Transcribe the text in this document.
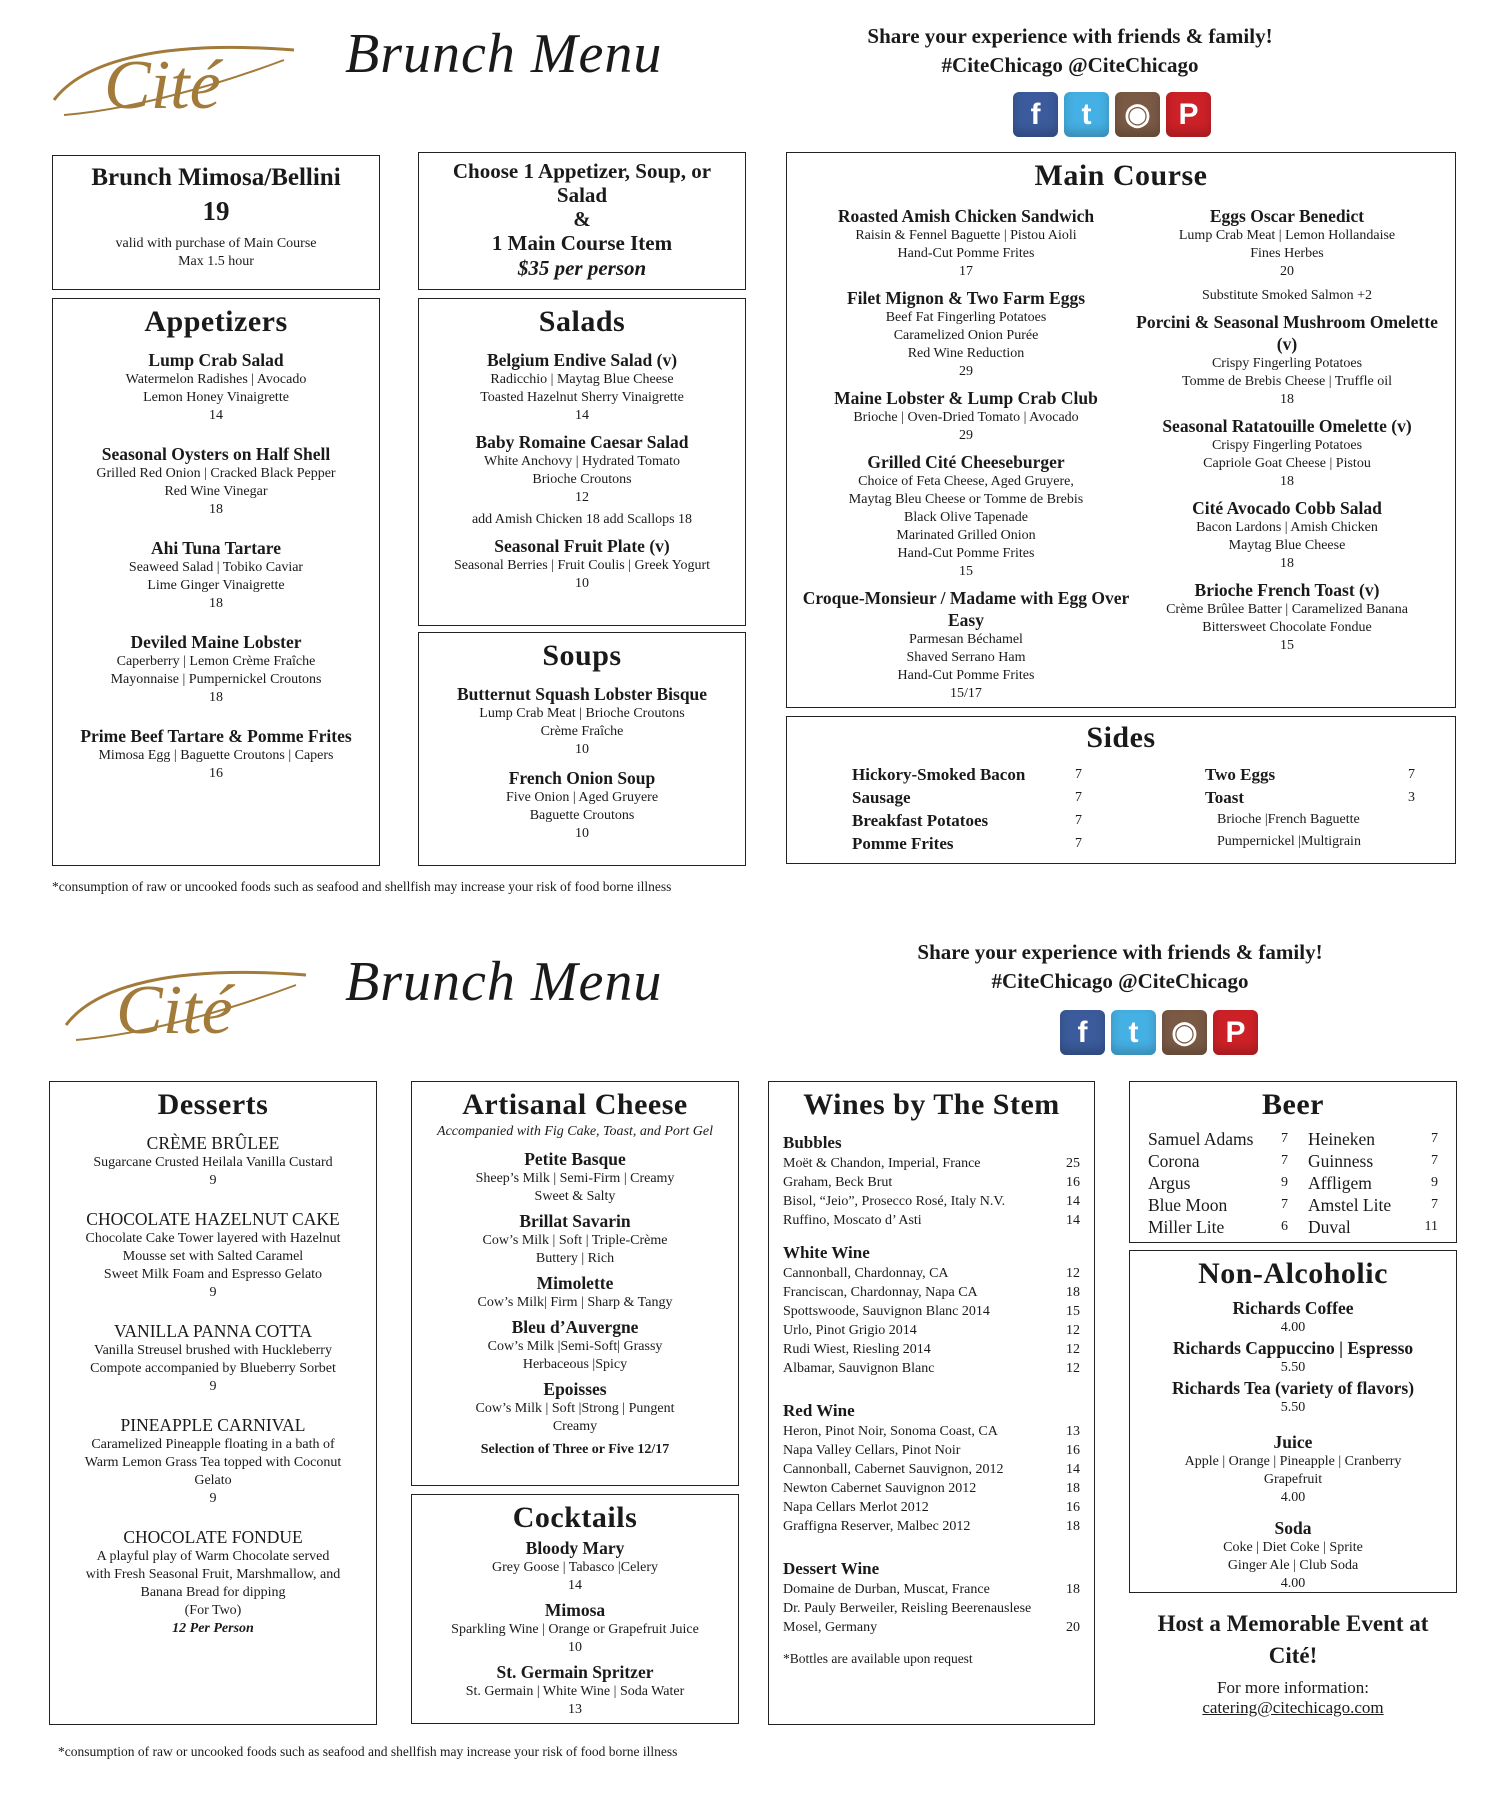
Cité Brunch Menu	Share your experience with friends & family!
#CiteChicago @CiteChicago
f	t	◉ P
Brunch Mimosa/Bellini
19
valid with purchase of Main Course
Max 1.5 hour
Choose 1 Appetizer, Soup, or Salad
&
1 Main Course Item
$35 per person
Appetizers
Lump Crab Salad
Watermelon Radishes | Avocado
Lemon Honey Vinaigrette
14
Seasonal Oysters on Half Shell
Grilled Red Onion | Cracked Black Pepper
Red Wine Vinegar
18
Ahi Tuna Tartare
Seaweed Salad | Tobiko Caviar
Lime Ginger Vinaigrette
18
Deviled Maine Lobster
Caperberry | Lemon Crème Fraîche
Mayonnaise | Pumpernickel Croutons
18
Prime Beef Tartare & Pomme Frites
Mimosa Egg | Baguette Croutons | Capers
16
Salads
Belgium Endive Salad (v)
Radicchio | Maytag Blue Cheese
Toasted Hazelnut Sherry Vinaigrette
14
Baby Romaine Caesar Salad
White Anchovy | Hydrated Tomato
Brioche Croutons
12
add Amish Chicken 18 add Scallops 18
Seasonal Fruit Plate (v)
Seasonal Berries | Fruit Coulis | Greek Yogurt
10
Soups
Butternut Squash Lobster Bisque
Lump Crab Meat | Brioche Croutons
Crème Fraîche
10
French Onion Soup
Five Onion | Aged Gruyere
Baguette Croutons
10
Main Course
Roasted Amish Chicken Sandwich
Raisin & Fennel Baguette | Pistou Aioli
Hand-Cut Pomme Frites
17
Filet Mignon & Two Farm Eggs
Beef Fat Fingerling Potatoes
Caramelized Onion Purée
Red Wine Reduction
29
Maine Lobster & Lump Crab Club
Brioche | Oven-Dried Tomato | Avocado
29
Grilled Cité Cheeseburger
Choice of Feta Cheese, Aged Gruyere,
Maytag Bleu Cheese or Tomme de Brebis
Black Olive Tapenade
Marinated Grilled Onion
Hand-Cut Pomme Frites
15
Croque-Monsieur / Madame with Egg Over Easy
Parmesan Béchamel
Shaved Serrano Ham
Hand-Cut Pomme Frites
15/17
Eggs Oscar Benedict
Lump Crab Meat | Lemon Hollandaise
Fines Herbes
20
Substitute Smoked Salmon +2
Porcini & Seasonal Mushroom Omelette (v)
Crispy Fingerling Potatoes
Tomme de Brebis Cheese | Truffle oil
18
Seasonal Ratatouille Omelette (v)
Crispy Fingerling Potatoes
Capriole Goat Cheese | Pistou
18
Cité Avocado Cobb Salad
Bacon Lardons | Amish Chicken
Maytag Blue Cheese
18
Brioche French Toast (v)
Crème Brûlee Batter | Caramelized Banana
Bittersweet Chocolate Fondue
15
Sides
Hickory-Smoked Bacon	7
Sausage	7
Breakfast Potatoes	7
Pomme Frites	7
Two Eggs	7
Toast	3
Brioche |French Baguette
Pumpernickel |Multigrain
*consumption of raw or uncooked foods such as seafood and shellfish may increase your risk of food borne illness
Cité Brunch Menu	Share your experience with friends & family!
#CiteChicago @CiteChicago
f	t	◉ P
Desserts
CRÈME BRÛLEE
Sugarcane Crusted Heilala Vanilla Custard
9
CHOCOLATE HAZELNUT CAKE
Chocolate Cake Tower layered with Hazelnut
Mousse set with Salted Caramel
Sweet Milk Foam and Espresso Gelato
9
VANILLA PANNA COTTA
Vanilla Streusel brushed with Huckleberry
Compote accompanied by Blueberry Sorbet
9
PINEAPPLE CARNIVAL
Caramelized Pineapple floating in a bath of
Warm Lemon Grass Tea topped with Coconut
Gelato
9
CHOCOLATE FONDUE
A playful play of Warm Chocolate served
with Fresh Seasonal Fruit, Marshmallow, and
Banana Bread for dipping
(For Two)
12 Per Person
Artisanal Cheese
Accompanied with Fig Cake, Toast, and Port Gel
Petite Basque
Sheep’s Milk | Semi-Firm | Creamy
Sweet & Salty
Brillat Savarin
Cow’s Milk | Soft | Triple-Crème
Buttery | Rich
Mimolette
Cow’s Milk| Firm | Sharp & Tangy
Bleu d’Auvergne
Cow’s Milk |Semi-Soft| Grassy
Herbaceous |Spicy
Epoisses
Cow’s Milk | Soft |Strong | Pungent
Creamy
Selection of Three or Five 12/17
Cocktails
Bloody Mary
Grey Goose | Tabasco |Celery
14
Mimosa
Sparkling Wine | Orange or Grapefruit Juice
10
St. Germain Spritzer
St. Germain | White Wine | Soda Water
13
Wines by The Stem
Bubbles
Moët & Chandon, Imperial, France	25
Graham, Beck Brut	16
Bisol, “Jeio”, Prosecco Rosé, Italy N.V.	14
Ruffino, Moscato d’ Asti	14
White Wine
Cannonball, Chardonnay, CA	12
Franciscan, Chardonnay, Napa CA	18
Spottswoode, Sauvignon Blanc 2014	15
Urlo, Pinot Grigio 2014	12
Rudi Wiest, Riesling 2014	12
Albamar, Sauvignon Blanc	12
Red Wine
Heron, Pinot Noir, Sonoma Coast, CA	13
Napa Valley Cellars, Pinot Noir	16
Cannonball, Cabernet Sauvignon, 2012	14
Newton Cabernet Sauvignon 2012	18
Napa Cellars Merlot 2012	16
Graffigna Reserver, Malbec 2012	18
Dessert Wine
Domaine de Durban, Muscat, France	18
Dr. Pauly Berweiler, Reisling Beerenauslese
Mosel, Germany	20
*Bottles are available upon request
Beer
Samuel Adams 7
Corona	7
Argus	9
Blue Moon	7
Miller Lite	6
Heineken	7
Guinness	7
Affligem	9
Amstel Lite	7
Duval	11
Non-Alcoholic
Richards Coffee
4.00
Richards Cappuccino | Espresso
5.50
Richards Tea (variety of flavors)
5.50
Juice
Apple | Orange | Pineapple | Cranberry
Grapefruit
4.00
Soda
Coke | Diet Coke | Sprite
Ginger Ale | Club Soda
4.00
Host a Memorable Event at
Cité!
For more information:
catering@citechicago.com
*consumption of raw or uncooked foods such as seafood and shellfish may increase your risk of food borne illness
